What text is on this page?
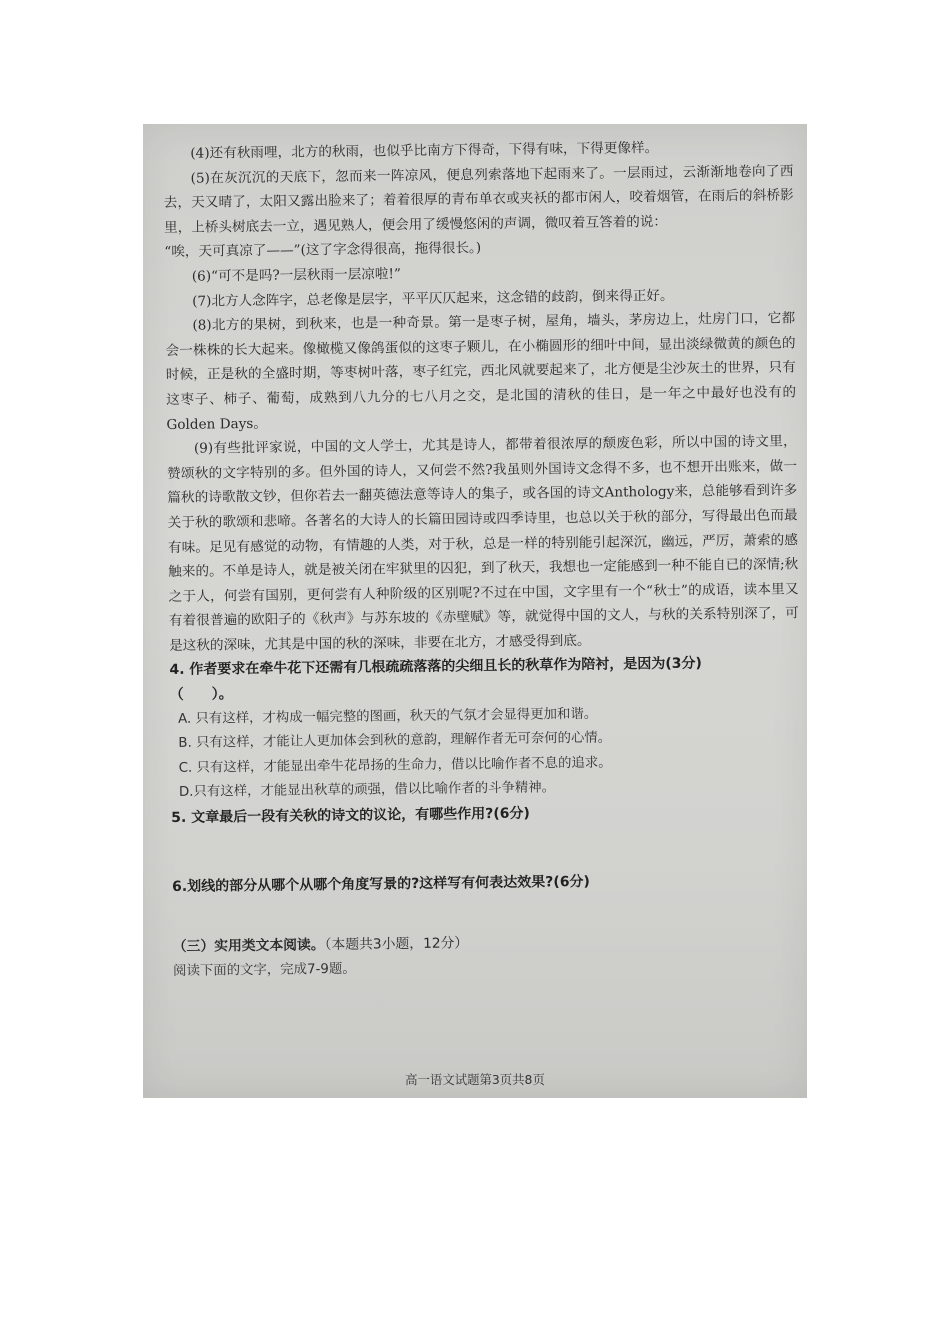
(4)还有秋雨哩，北方的秋雨，也似乎比南方下得奇，下得有味，下得更像样。

(5)在灰沉沉的天底下，忽而来一阵凉风，便息列索落地下起雨来了。一层雨过，云渐渐地卷向了西去，天又晴了，太阳又露出脸来了；着着很厚的青布单衣或夹袄的都市闲人，咬着烟管，在雨后的斜桥影里，上桥头树底去一立，遇见熟人，便会用了缓慢悠闲的声调，微叹着互答着的说：

“唉，天可真凉了——”(这了字念得很高，拖得很长。)

(6)“可不是吗?一层秋雨一层凉啦!”

(7)北方人念阵字，总老像是层字，平平仄仄起来，这念错的歧韵，倒来得正好。

(8)北方的果树，到秋来，也是一种奇景。第一是枣子树，屋角，墙头，茅房边上，灶房门口，它都会一株株的长大起来。像橄榄又像鸽蛋似的这枣子颗儿，在小椭圆形的细叶中间，显出淡绿微黄的颜色的时候，正是秋的全盛时期，等枣树叶落，枣子红完，西北风就要起来了，北方便是尘沙灰土的世界，只有这枣子、柿子、葡萄，成熟到八九分的七八月之交，是北国的清秋的佳日，是一年之中最好也没有的Golden Days。

(9)有些批评家说，中国的文人学士，尤其是诗人，都带着很浓厚的颓废色彩，所以中国的诗文里，赞颂秋的文字特别的多。但外国的诗人，又何尝不然?我虽则外国诗文念得不多，也不想开出账来，做一篇秋的诗歌散文钞，但你若去一翻英德法意等诗人的集子，或各国的诗文Anthology来，总能够看到许多关于秋的歌颂和悲啼。各著名的大诗人的长篇田园诗或四季诗里，也总以关于秋的部分，写得最出色而最有味。足见有感觉的动物，有情趣的人类，对于秋，总是一样的特别能引起深沉，幽远，严厉，萧索的感触来的。不单是诗人，就是被关闭在牢狱里的囚犯，到了秋天，我想也一定能感到一种不能自已的深情;秋之于人，何尝有国别，更何尝有人种阶级的区别呢?不过在中国，文字里有一个“秋士”的成语，读本里又有着很普遍的欧阳子的《秋声》与苏东坡的《赤壁赋》等，就觉得中国的文人，与秋的关系特别深了，可是这秋的深味，尤其是中国的秋的深味，非要在北方，才感受得到底。

4. 作者要求在牵牛花下还需有几根疏疏落落的尖细且长的秋草作为陪衬，是因为(3分)

（　　）。

A. 只有这样，才构成一幅完整的图画，秋天的气氛才会显得更加和谐。

B. 只有这样，才能让人更加体会到秋的意韵，理解作者无可奈何的心情。

C. 只有这样，才能显出牵牛花昂扬的生命力，借以比喻作者不息的追求。

D.只有这样，才能显出秋草的顽强，借以比喻作者的斗争精神。

5. 文章最后一段有关秋的诗文的议论，有哪些作用?(6分)

6.划线的部分从哪个从哪个角度写景的?这样写有何表达效果?(6分)

（三）实用类文本阅读。（本题共3小题，12分）

阅读下面的文字，完成7-9题。

高一语文试题第3页共8页
